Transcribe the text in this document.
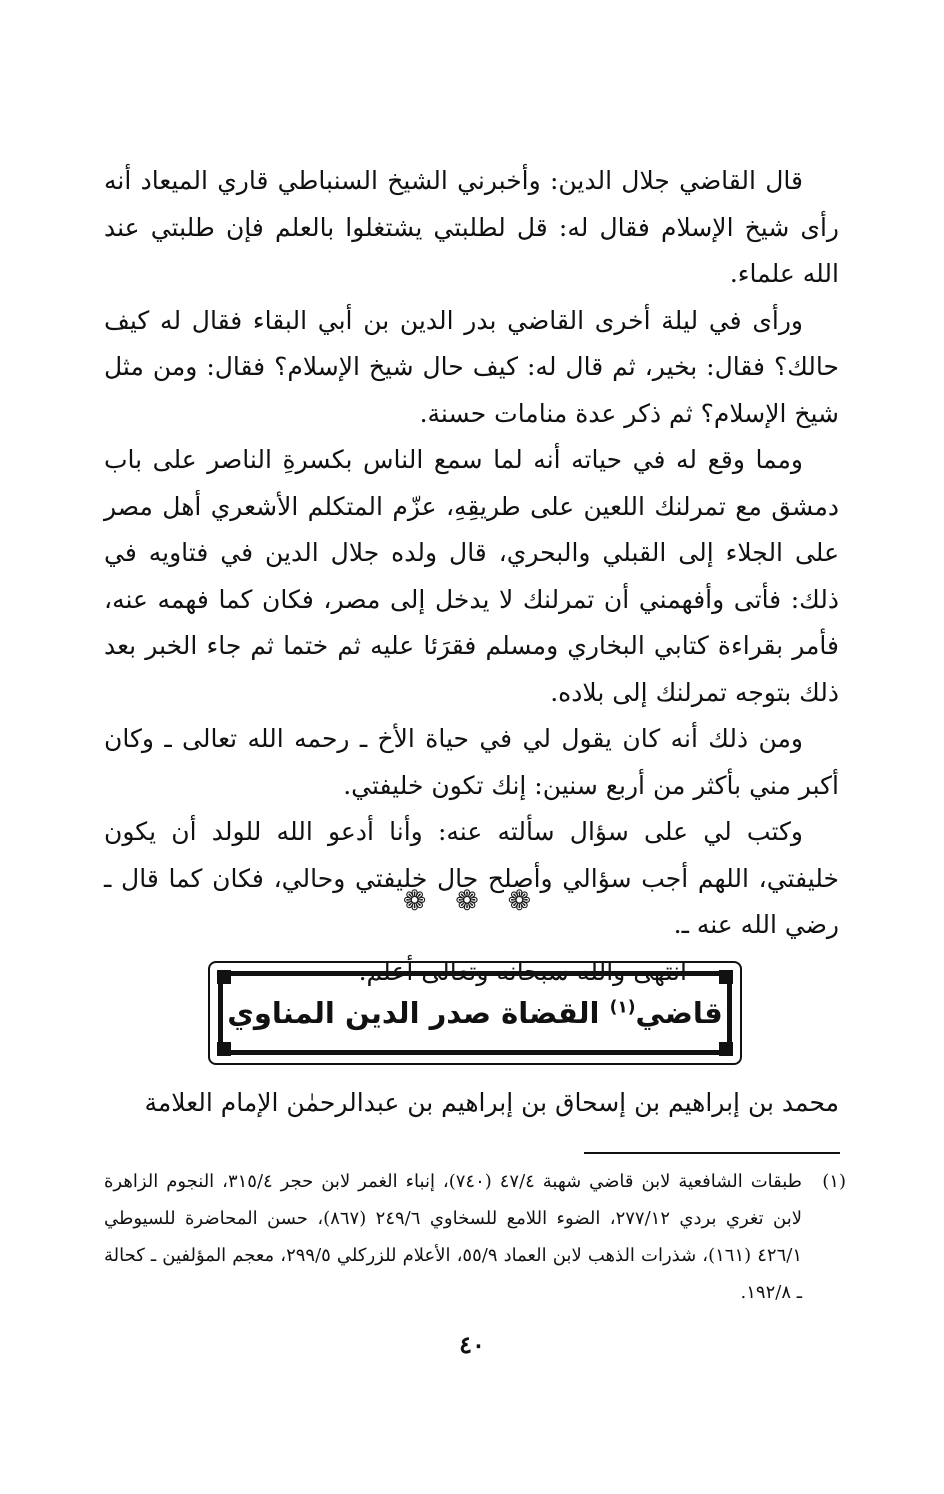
قال القاضي جلال الدين: وأخبرني الشيخ السنباطي قاري الميعاد أنه رأى شيخ الإسلام فقال له: قل لطلبتي يشتغلوا بالعلم فإن طلبتي عند الله علماء.

ورأى في ليلة أخرى القاضي بدر الدين بن أبي البقاء فقال له كيف حالك؟ فقال: بخير، ثم قال له: كيف حال شيخ الإسلام؟ فقال: ومن مثل شيخ الإسلام؟ ثم ذكر عدة منامات حسنة.

ومما وقع له في حياته أنه لما سمع الناس بكسرةِ الناصر على باب دمشق مع تمرلنك اللعين على طريقِهِ، عزّم المتكلم الأشعري أهل مصر على الجلاء إلى القبلي والبحري، قال ولده جلال الدين في فتاويه في ذلك: فأتى وأفهمني أن تمرلنك لا يدخل إلى مصر، فكان كما فهمه عنه، فأمر بقراءة كتابي البخاري ومسلم فقرَئا عليه ثم ختما ثم جاء الخبر بعد ذلك بتوجه تمرلنك إلى بلاده.

ومن ذلك أنه كان يقول لي في حياة الأخ ـ رحمه الله تعالى ـ وكان أكبر مني بأكثر من أربع سنين: إنك تكون خليفتي.

وكتب لي على سؤال سألته عنه: وأنا أدعو الله للولد أن يكون خليفتي، اللهم أجب سؤالي وأصلح حال خليفتي وحالي، فكان كما قال ـ رضي الله عنه ـ.

انتهى والله سبحانه وتعالى أعلم.

❁ ❁ ❁
قاضي$^{(١)}$ القضاة صدر الدين المناوي
محمد بن إبراهيم بن إسحاق بن إبراهيم بن عبدالرحمٰن الإمام العلامة
(١)
طبقات الشافعية لابن قاضي شهبة ٤٧/٤ (٧٤٠)، إنباء الغمر لابن حجر ٣١٥/٤، النجوم الزاهرة لابن تغري بردي ٢٧٧/١٢، الضوء اللامع للسخاوي ٢٤٩/٦ (٨٦٧)، حسن المحاضرة للسيوطي ٤٢٦/١ (١٦١)، شذرات الذهب لابن العماد ٥٥/٩، الأعلام للزركلي ٢٩٩/٥، معجم المؤلفين ـ كحالة ـ ١٩٢/٨.
٤٠
